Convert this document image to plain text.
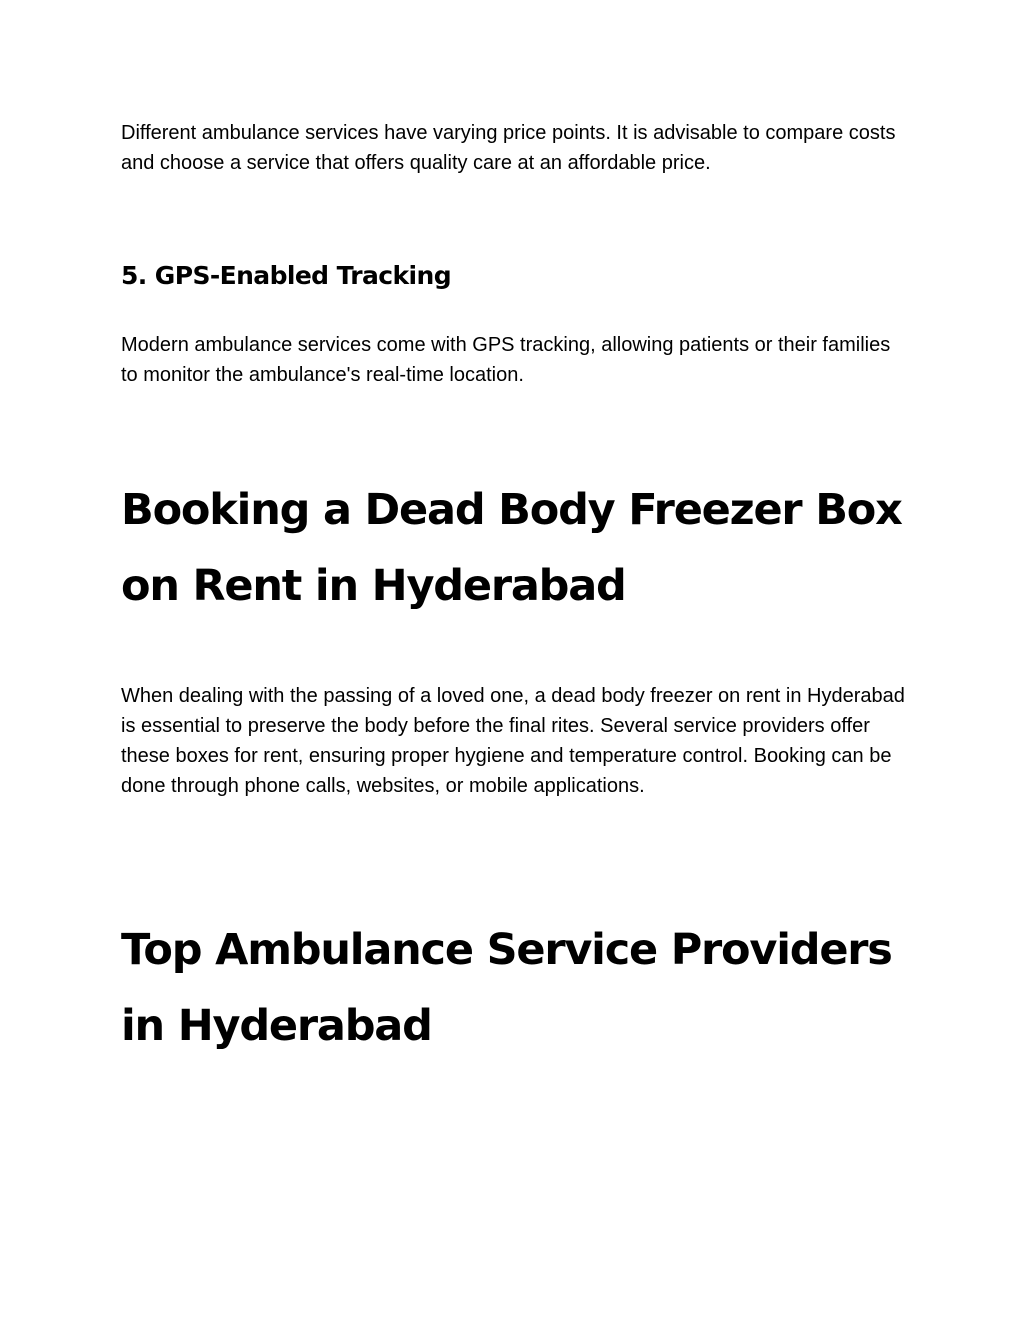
Different ambulance services have varying price points. It is advisable to compare costs and choose a service that offers quality care at an affordable price.

5. GPS-Enabled Tracking

Modern ambulance services come with GPS tracking, allowing patients or their families to monitor the ambulance's real-time location.

Booking a Dead Body Freezer Box on Rent in Hyderabad

When dealing with the passing of a loved one, a dead body freezer on rent in Hyderabad is essential to preserve the body before the final rites. Several service providers offer these boxes for rent, ensuring proper hygiene and temperature control. Booking can be done through phone calls, websites, or mobile applications.

Top Ambulance Service Providers in Hyderabad
